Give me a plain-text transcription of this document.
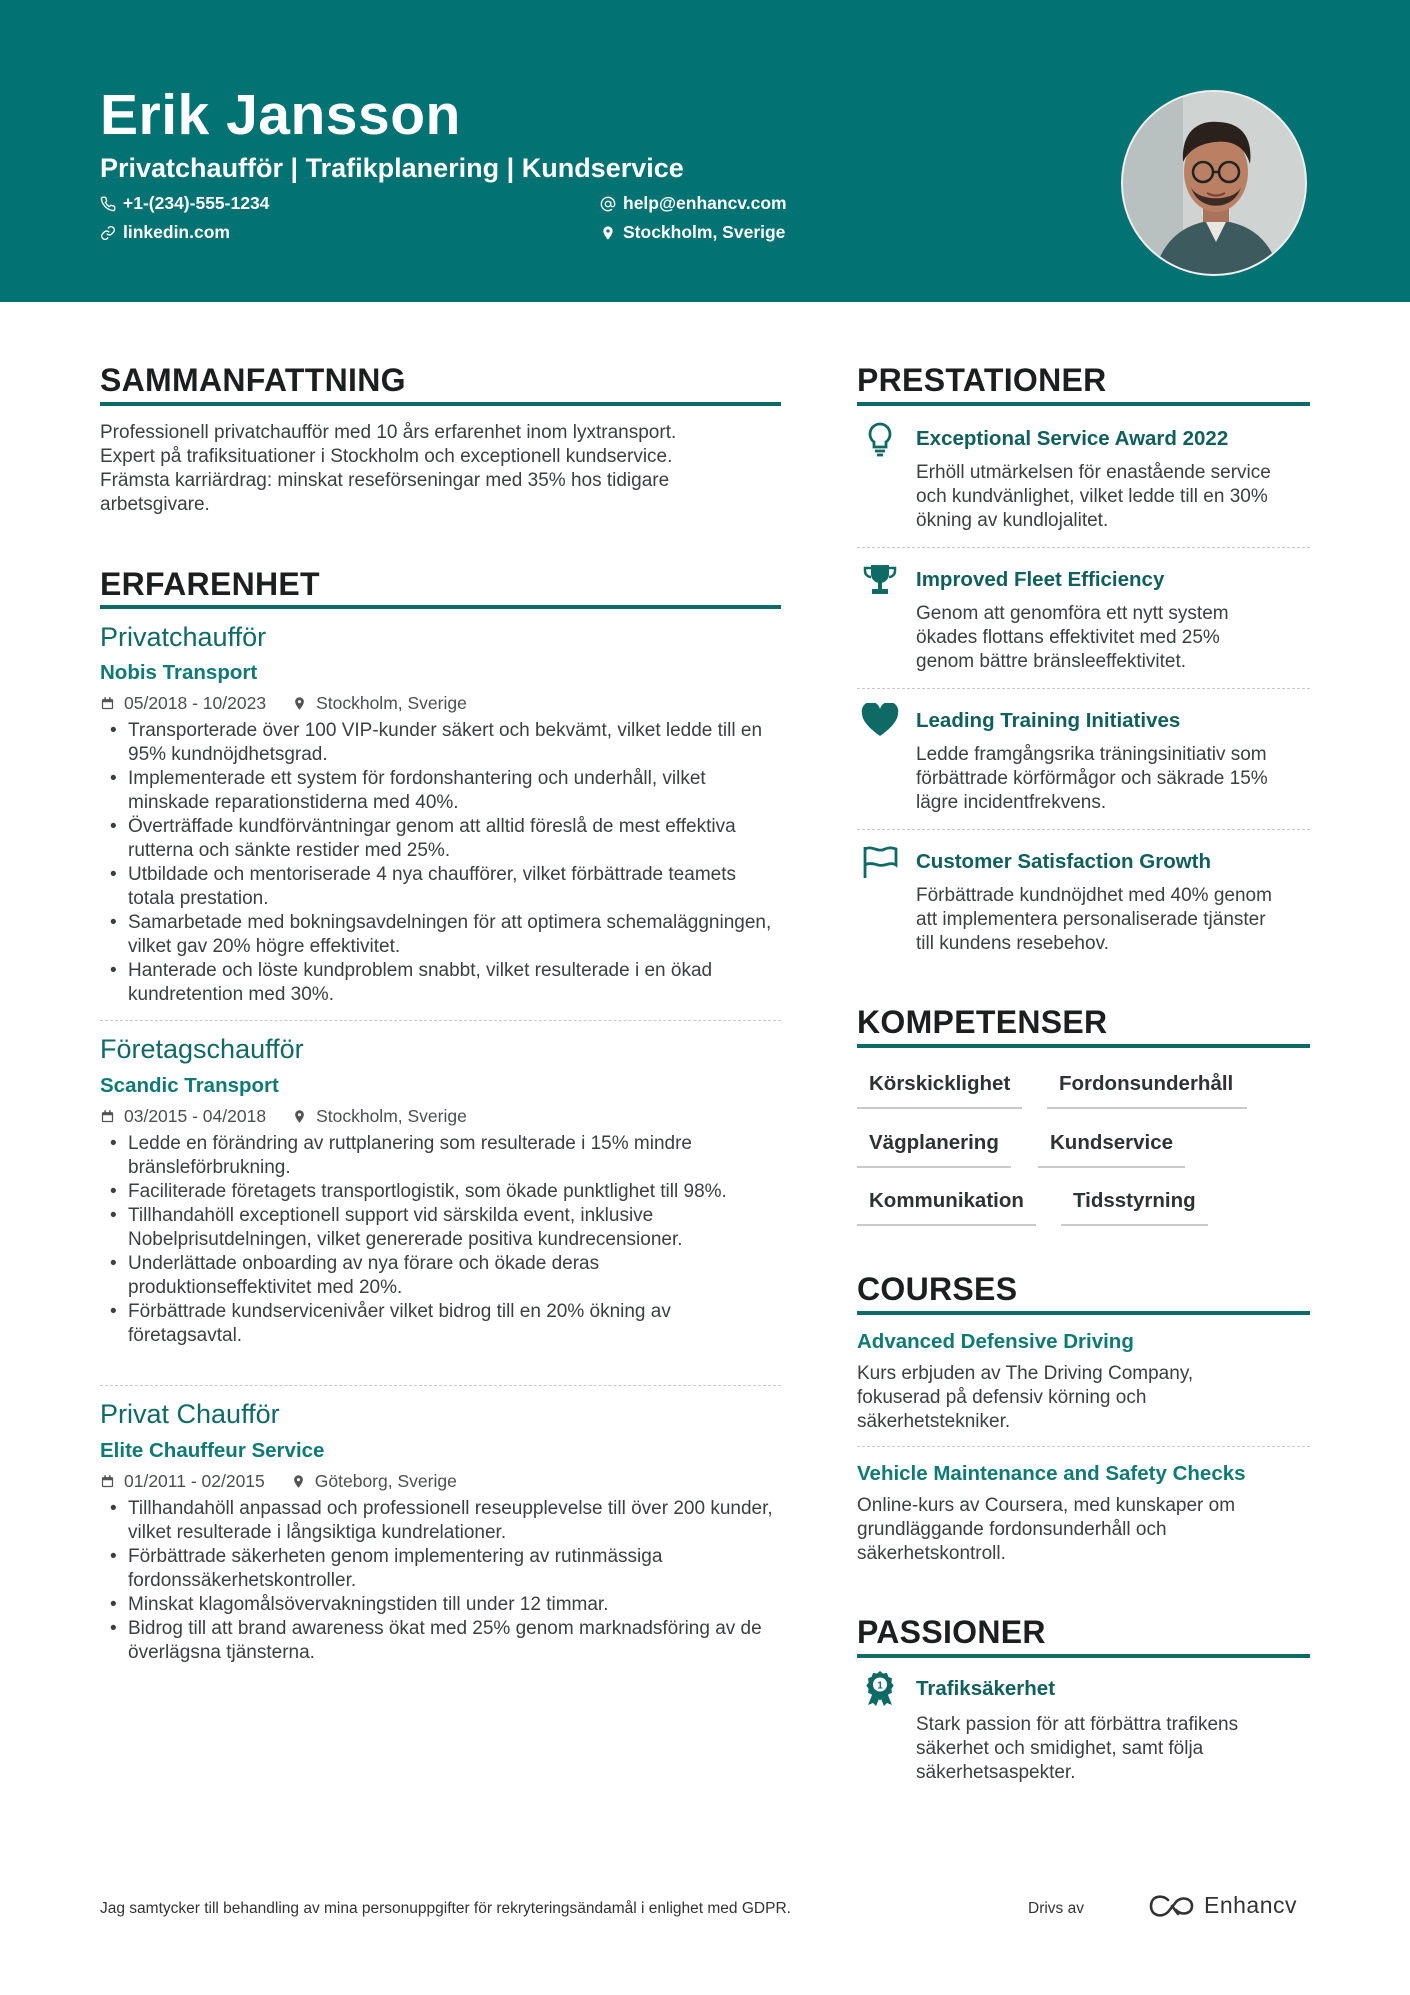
Erik Jansson
Privatchaufför | Trafikplanering | Kundservice
+1-(234)-555-1234	help@enhancv.com
linkedin.com	Stockholm, Sverige
SAMMANFATTNING
Professionell privatchaufför med 10 års erfarenhet inom lyxtransport.
Expert på trafiksituationer i Stockholm och exceptionell kundservice.
Främsta karriärdrag: minskat reseförseningar med 35% hos tidigare
arbetsgivare.
ERFARENHET
Privatchaufför
Nobis Transport
05/2018 - 10/2023	Stockholm, Sverige
• Transporterade över 100 VIP-kunder säkert och bekvämt, vilket ledde till en 95% kundnöjdhetsgrad.
• Implementerade ett system för fordonshantering och underhåll, vilket minskade reparationstiderna med 40%.
• Överträffade kundförväntningar genom att alltid föreslå de mest effektiva rutterna och sänkte restider med 25%.
• Utbildade och mentoriserade 4 nya chaufförer, vilket förbättrade teamets totala prestation.
• Samarbetade med bokningsavdelningen för att optimera schemaläggningen, vilket gav 20% högre effektivitet.
• Hanterade och löste kundproblem snabbt, vilket resulterade i en ökad kundretention med 30%.
Företagschaufför
Scandic Transport
03/2015 - 04/2018	Stockholm, Sverige
• Ledde en förändring av ruttplanering som resulterade i 15% mindre bränsleförbrukning.
• Faciliterade företagets transportlogistik, som ökade punktlighet till 98%.
• Tillhandahöll exceptionell support vid särskilda event, inklusive Nobelprisutdelningen, vilket genererade positiva kundrecensioner.
• Underlättade onboarding av nya förare och ökade deras produktionseffektivitet med 20%.
• Förbättrade kundservicenivåer vilket bidrog till en 20% ökning av företagsavtal.
Privat Chaufför
Elite Chauffeur Service
01/2011 - 02/2015	Göteborg, Sverige
• Tillhandahöll anpassad och professionell reseupplevelse till över 200 kunder, vilket resulterade i långsiktiga kundrelationer.
• Förbättrade säkerheten genom implementering av rutinmässiga fordonssäkerhetskontroller.
• Minskat klagomålsövervakningstiden till under 12 timmar.
• Bidrog till att brand awareness ökat med 25% genom marknadsföring av de överlägsna tjänsterna.
PRESTATIONER
Exceptional Service Award 2022
Erhöll utmärkelsen för enastående service
och kundvänlighet, vilket ledde till en 30%
ökning av kundlojalitet.
Improved Fleet Efficiency
Genom att genomföra ett nytt system
ökades flottans effektivitet med 25%
genom bättre bränsleeffektivitet.
Leading Training Initiatives
Ledde framgångsrika träningsinitiativ som
förbättrade körförmågor och säkrade 15%
lägre incidentfrekvens.
Customer Satisfaction Growth
Förbättrade kundnöjdhet med 40% genom
att implementera personaliserade tjänster
till kundens resebehov.
KOMPETENSER
Körskicklighet	Fordonsunderhåll
Vägplanering	Kundservice
Kommunikation	Tidsstyrning
COURSES
Advanced Defensive Driving
Kurs erbjuden av The Driving Company,
fokuserad på defensiv körning och
säkerhetstekniker.
Vehicle Maintenance and Safety Checks
Online-kurs av Coursera, med kunskaper om
grundläggande fordonsunderhåll och
säkerhetskontroll.
PASSIONER
1 Trafiksäkerhet
Stark passion för att förbättra trafikens
säkerhet och smidighet, samt följa
säkerhetsaspekter.
Jag samtycker till behandling av mina personuppgifter för rekryteringsändamål i enlighet med GDPR.	Drivs av	Enhancv
